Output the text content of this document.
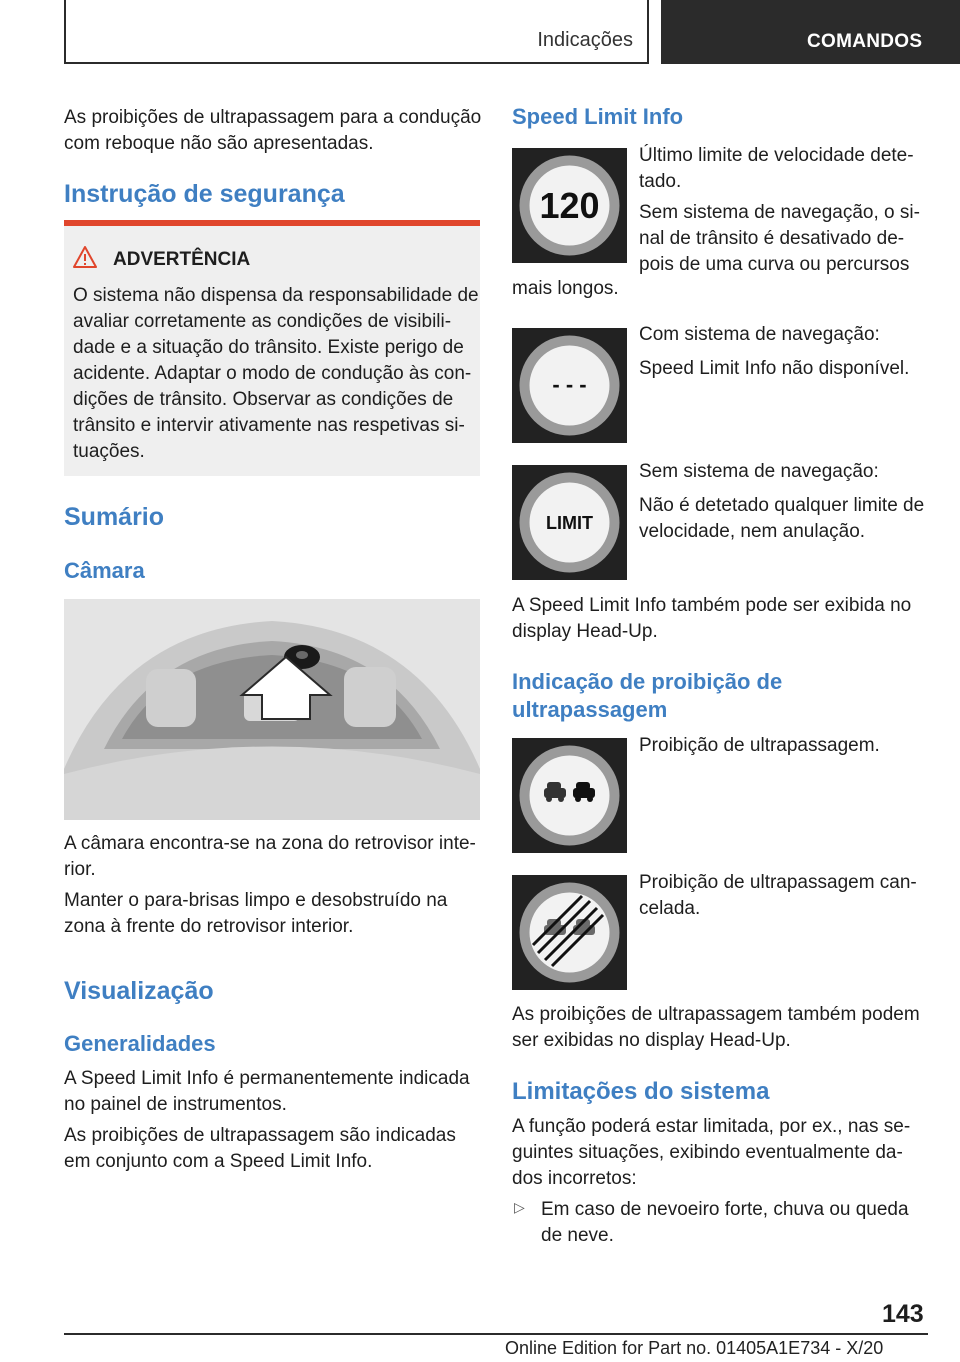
Indicações	COMANDOS
As proibições de ultrapassagem para a condução com reboque não são apresentadas.
Instrução de segurança
ADVERTÊNCIA
O sistema não dispensa da responsabilidade de avaliar corretamente as condições de visibili-dade e a situação do trânsito. Existe perigo de acidente. Adaptar o modo de condução às con-dições de trânsito. Observar as condições de trânsito e intervir ativamente nas respetivas si-tuações.
Sumário
Câmara
A câmara encontra-se na zona do retrovisor inte-rior.
Manter o para-brisas limpo e desobstruído na zona à frente do retrovisor interior.
Visualização
Generalidades
A Speed Limit Info é permanentemente indicada no painel de instrumentos.
As proibições de ultrapassagem são indicadas em conjunto com a Speed Limit Info.
Speed Limit Info
120
Último limite de velocidade dete-tado.
Sem sistema de navegação, o si-nal de trânsito é desativado de-pois de uma curva ou percursos
mais longos.
- - -
Com sistema de navegação:
Speed Limit Info não disponível.
LIMIT
Sem sistema de navegação:
Não é detetado qualquer limite de velocidade, nem anulação.
A Speed Limit Info também pode ser exibida no display Head-Up.
Indicação de proibição de ultrapassagem
Proibição de ultrapassagem.
Proibição de ultrapassagem can-celada.
As proibições de ultrapassagem também podem ser exibidas no display Head-Up.
Limitações do sistema
A função poderá estar limitada, por ex., nas se-guintes situações, exibindo eventualmente da-dos incorretos:
▷ Em caso de nevoeiro forte, chuva ou queda de neve.
143
Online Edition for Part no. 01405A1E734 - X/20
